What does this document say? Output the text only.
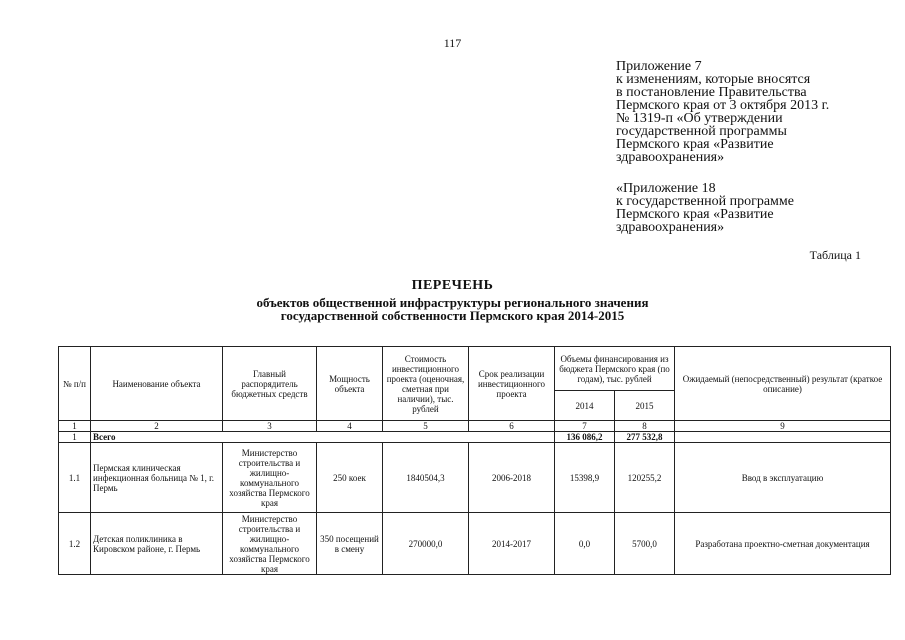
117
Приложение 7
к изменениям, которые вносятся
в постановление Правительства
Пермского края от 3 октября 2013 г.
№ 1319-п «Об утверждении
государственной программы
Пермского края «Развитие
здравоохранения»
«Приложение 18
к государственной программе
Пермского края «Развитие
здравоохранения»
Таблица 1
ПЕРЕЧЕНЬ
объектов общественной инфраструктуры регионального значения
государственной собственности Пермского края 2014-2015
№ п/п	Наименование объекта	Главный распорядитель бюджетных средств	Мощность объекта	Стоимость инвестиционного проекта (оценочная, сметная при наличии), тыс. рублей	Срок реализации инвестиционного проекта	Объемы финансирования из бюджета Пермского края (по годам), тыс. рублей		Ожидаемый (непосредственный) результат (краткое описание)
						2014	2015	
1	2	3	4	5	6	7	8	9
1	Всего					136 086,2	277 532,8	
1.1	Пермская клиническая инфекционная больница № 1, г. Пермь	Министерство строительства и жилищно-коммунального хозяйства Пермского края	250 коек	1840504,3	2006-2018	15398,9	120255,2	Ввод в эксплуатацию
1.2	Детская поликлиника в Кировском районе, г. Пермь	Министерство строительства и жилищно-коммунального хозяйства Пермского края	350 посещений в смену	270000,0	2014-2017	0,0	5700,0	Разработана проектно-сметная документация
